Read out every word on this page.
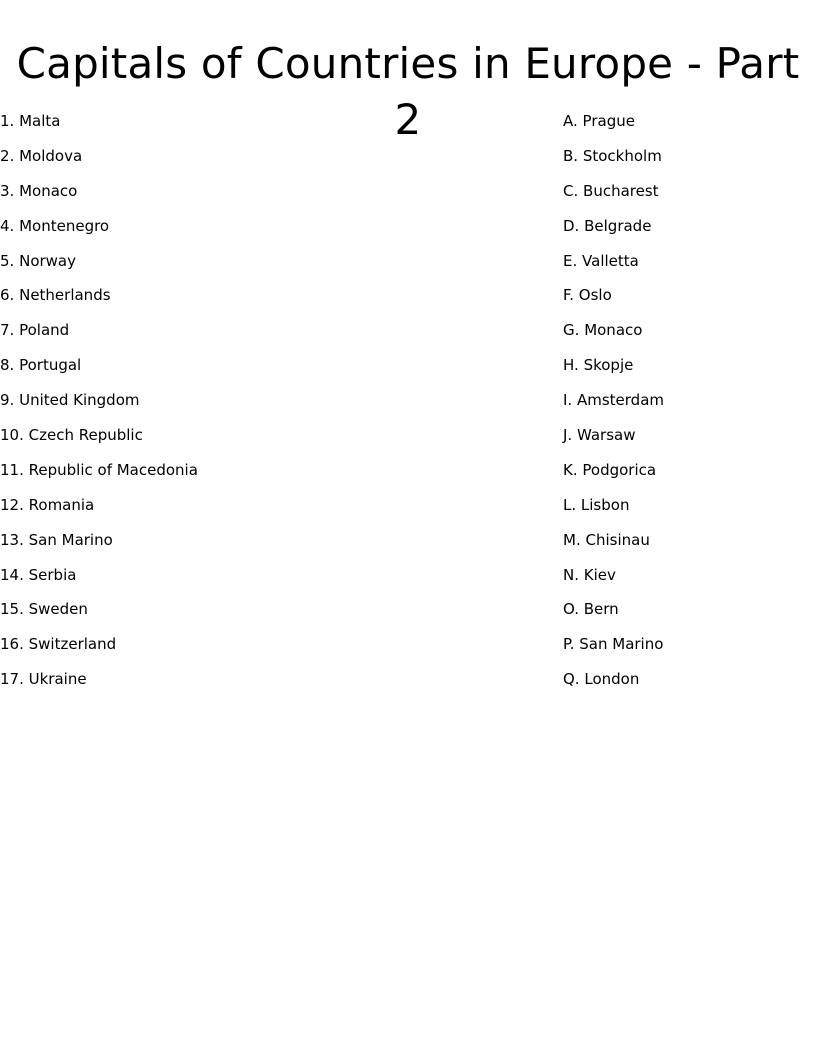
Capitals of Countries in Europe - Part 2
1. Malta
2. Moldova
3. Monaco
4. Montenegro
5. Norway
6. Netherlands
7. Poland
8. Portugal
9. United Kingdom
10. Czech Republic
11. Republic of Macedonia
12. Romania
13. San Marino
14. Serbia
15. Sweden
16. Switzerland
17. Ukraine
A. Prague
B. Stockholm
C. Bucharest
D. Belgrade
E. Valletta
F. Oslo
G. Monaco
H. Skopje
I. Amsterdam
J. Warsaw
K. Podgorica
L. Lisbon
M. Chisinau
N. Kiev
O. Bern
P. San Marino
Q. London
